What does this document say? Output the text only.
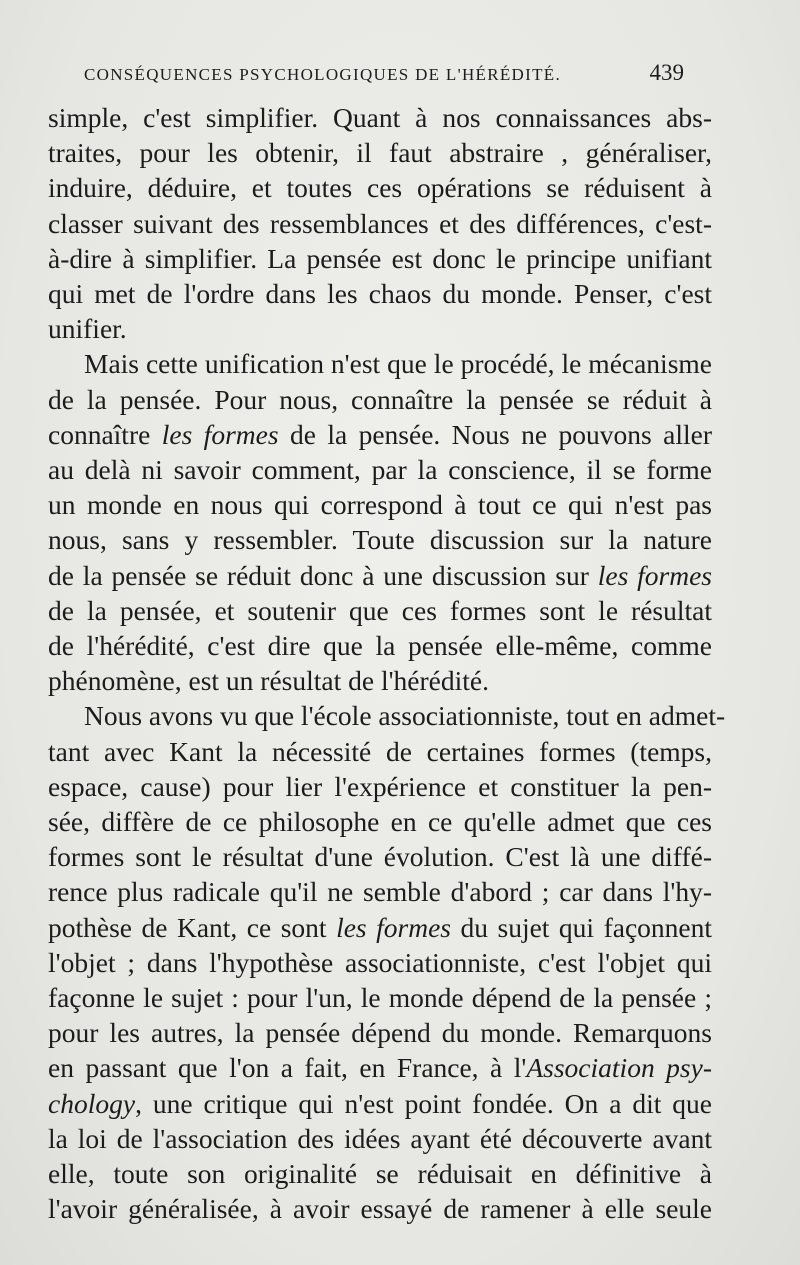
CONSÉQUENCES PSYCHOLOGIQUES DE L'HÉRÉDITÉ.	439
simple, c'est simplifier. Quant à nos connaissances abs-
traites, pour les obtenir, il faut abstraire , généraliser,
induire, déduire, et toutes ces opérations se réduisent à
classer suivant des ressemblances et des différences, c'est-
à-dire à simplifier. La pensée est donc le principe unifiant
qui met de l'ordre dans les chaos du monde. Penser, c'est
unifier.
Mais cette unification n'est que le procédé, le mécanisme
de la pensée. Pour nous, connaître la pensée se réduit à
connaître les formes de la pensée. Nous ne pouvons aller
au delà ni savoir comment, par la conscience, il se forme
un monde en nous qui correspond à tout ce qui n'est pas
nous, sans y ressembler. Toute discussion sur la nature
de la pensée se réduit donc à une discussion sur les formes
de la pensée, et soutenir que ces formes sont le résultat
de l'hérédité, c'est dire que la pensée elle-même, comme
phénomène, est un résultat de l'hérédité.
Nous avons vu que l'école associationniste, tout en admet-
tant avec Kant la nécessité de certaines formes (temps,
espace, cause) pour lier l'expérience et constituer la pen-
sée, diffère de ce philosophe en ce qu'elle admet que ces
formes sont le résultat d'une évolution. C'est là une diffé-
rence plus radicale qu'il ne semble d'abord ; car dans l'hy-
pothèse de Kant, ce sont les formes du sujet qui façonnent
l'objet ; dans l'hypothèse associationniste, c'est l'objet qui
façonne le sujet : pour l'un, le monde dépend de la pensée ;
pour les autres, la pensée dépend du monde. Remarquons
en passant que l'on a fait, en France, à l'Association psy-
chology, une critique qui n'est point fondée. On a dit que
la loi de l'association des idées ayant été découverte avant
elle, toute son originalité se réduisait en définitive à
l'avoir généralisée, à avoir essayé de ramener à elle seule
